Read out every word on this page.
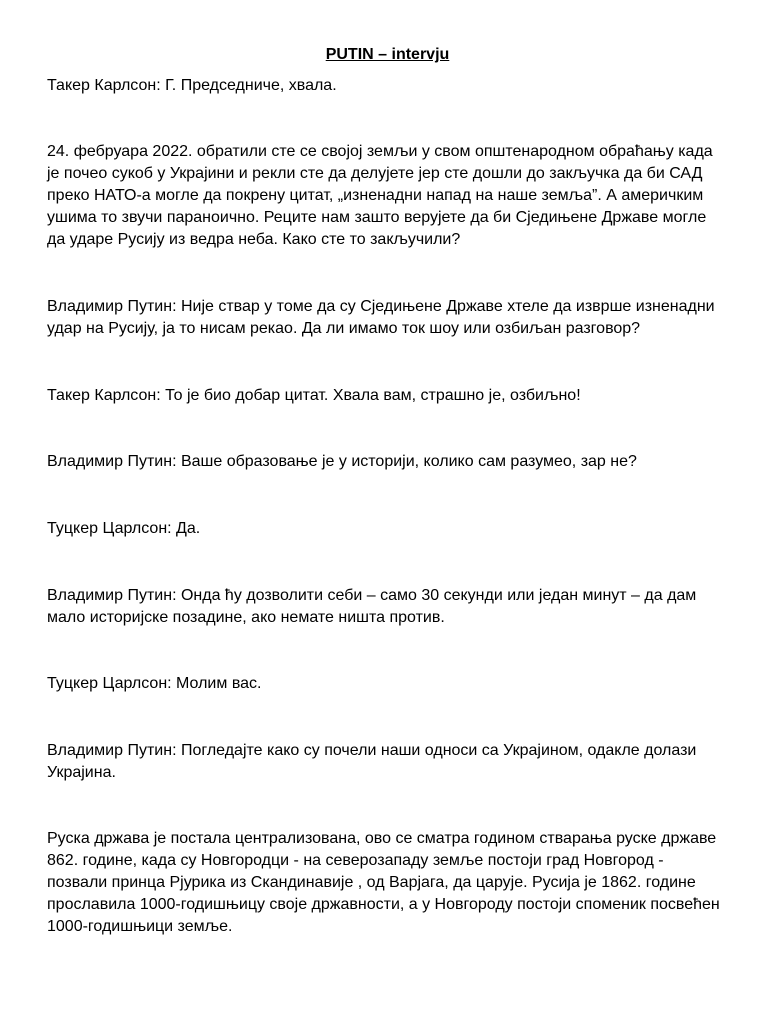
PUTIN – intervju

Такер Карлсон: Г. Председниче, хвала.

24. фебруара 2022. обратили сте се својој земљи у свом општенародном обраћању када је почео сукоб у Украјини и рекли сте да делујете јер сте дошли до закључка да би САД преко НАТО-а могле да покрену цитат, „изненадни напад на наше земља”. А америчким ушима то звучи параноично. Реците нам зашто верујете да би Сједињене Државе могле да ударе Русију из ведра неба. Како сте то закључили?

Владимир Путин: Није ствар у томе да су Сједињене Државе хтеле да изврше изненадни удар на Русију, ја то нисам рекао. Да ли имамо ток шоу или озбиљан разговор?

Такер Карлсон: То је био добар цитат. Хвала вам, страшно је, озбиљно!

Владимир Путин: Ваше образовање је у историји, колико сам разумео, зар не?

Туцкер Царлсон: Да.

Владимир Путин: Онда ћу дозволити себи – само 30 секунди или један минут – да дам мало историјске позадине, ако немате ништа против.

Туцкер Царлсон: Молим вас.

Владимир Путин: Погледајте како су почели наши односи са Украјином, одакле долази Украјина.

Руска држава је постала централизована, ово се сматра годином стварања руске државе 862. године, када су Новгородци - на северозападу земље постоји град Новгород - позвали принца Рјурика из Скандинавије , од Варјага, да царује. Русија је 1862. године прославила 1000-годишњицу своје државности, а у Новгороду постоји споменик посвећен 1000-годишњици земље.
